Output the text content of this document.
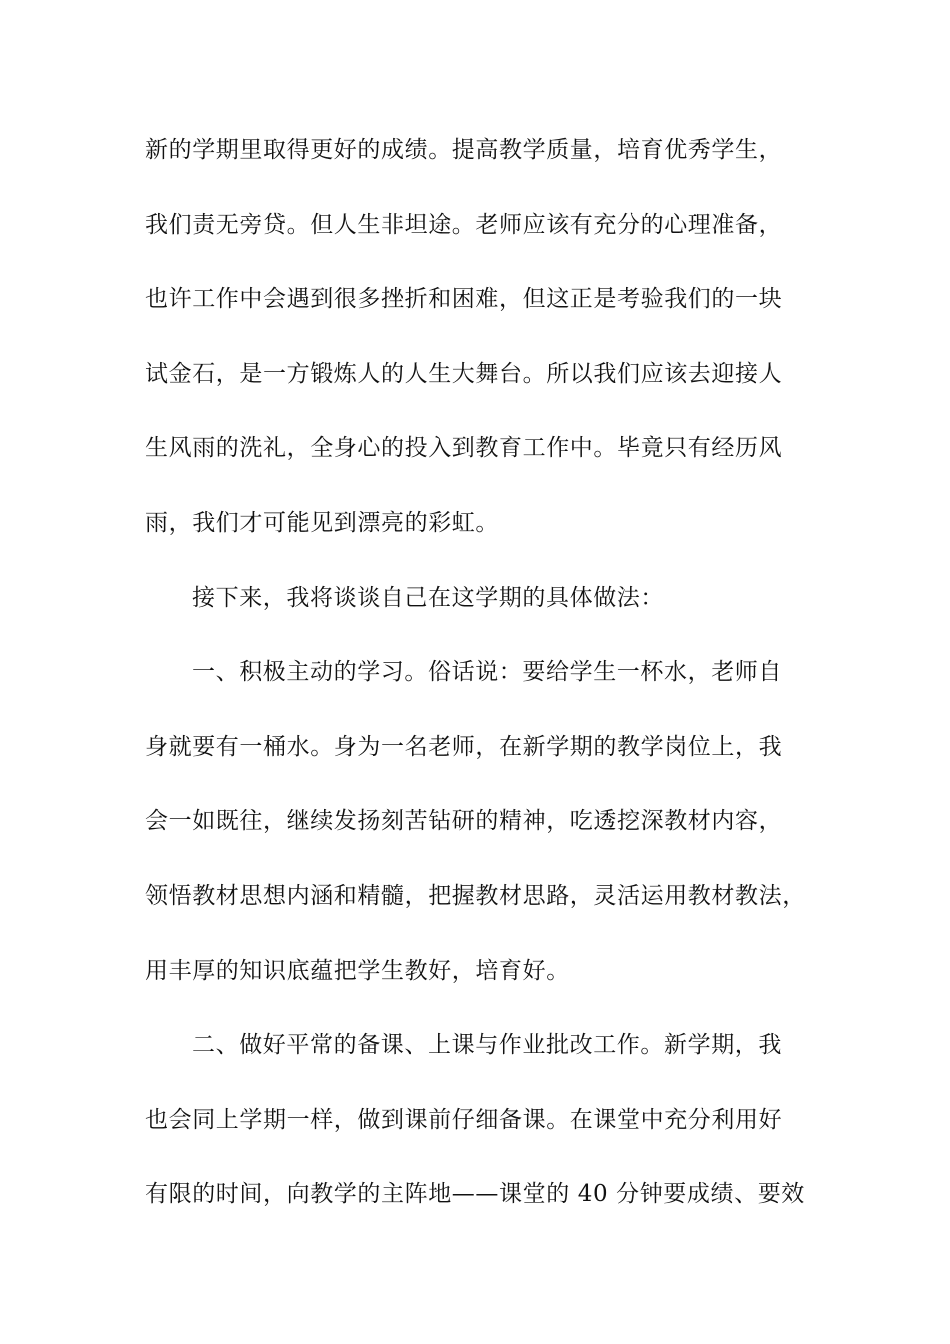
新的学期里取得更好的成绩。提高教学质量，培育优秀学生，
我们责无旁贷。但人生非坦途。老师应该有充分的心理准备，
也许工作中会遇到很多挫折和困难，但这正是考验我们的一块
试金石，是一方锻炼人的人生大舞台。所以我们应该去迎接人
生风雨的洗礼，全身心的投入到教育工作中。毕竟只有经历风
雨，我们才可能见到漂亮的彩虹。
接下来，我将谈谈自己在这学期的具体做法：
一、积极主动的学习。俗话说：要给学生一杯水，老师自
身就要有一桶水。身为一名老师，在新学期的教学岗位上，我
会一如既往，继续发扬刻苦钻研的精神，吃透挖深教材内容，
领悟教材思想内涵和精髓，把握教材思路，灵活运用教材教法，
用丰厚的知识底蕴把学生教好，培育好。
二、做好平常的备课、上课与作业批改工作。新学期，我
也会同上学期一样，做到课前仔细备课。在课堂中充分利用好
有限的时间，向教学的主阵地——课堂的 40 分钟要成绩、要效
